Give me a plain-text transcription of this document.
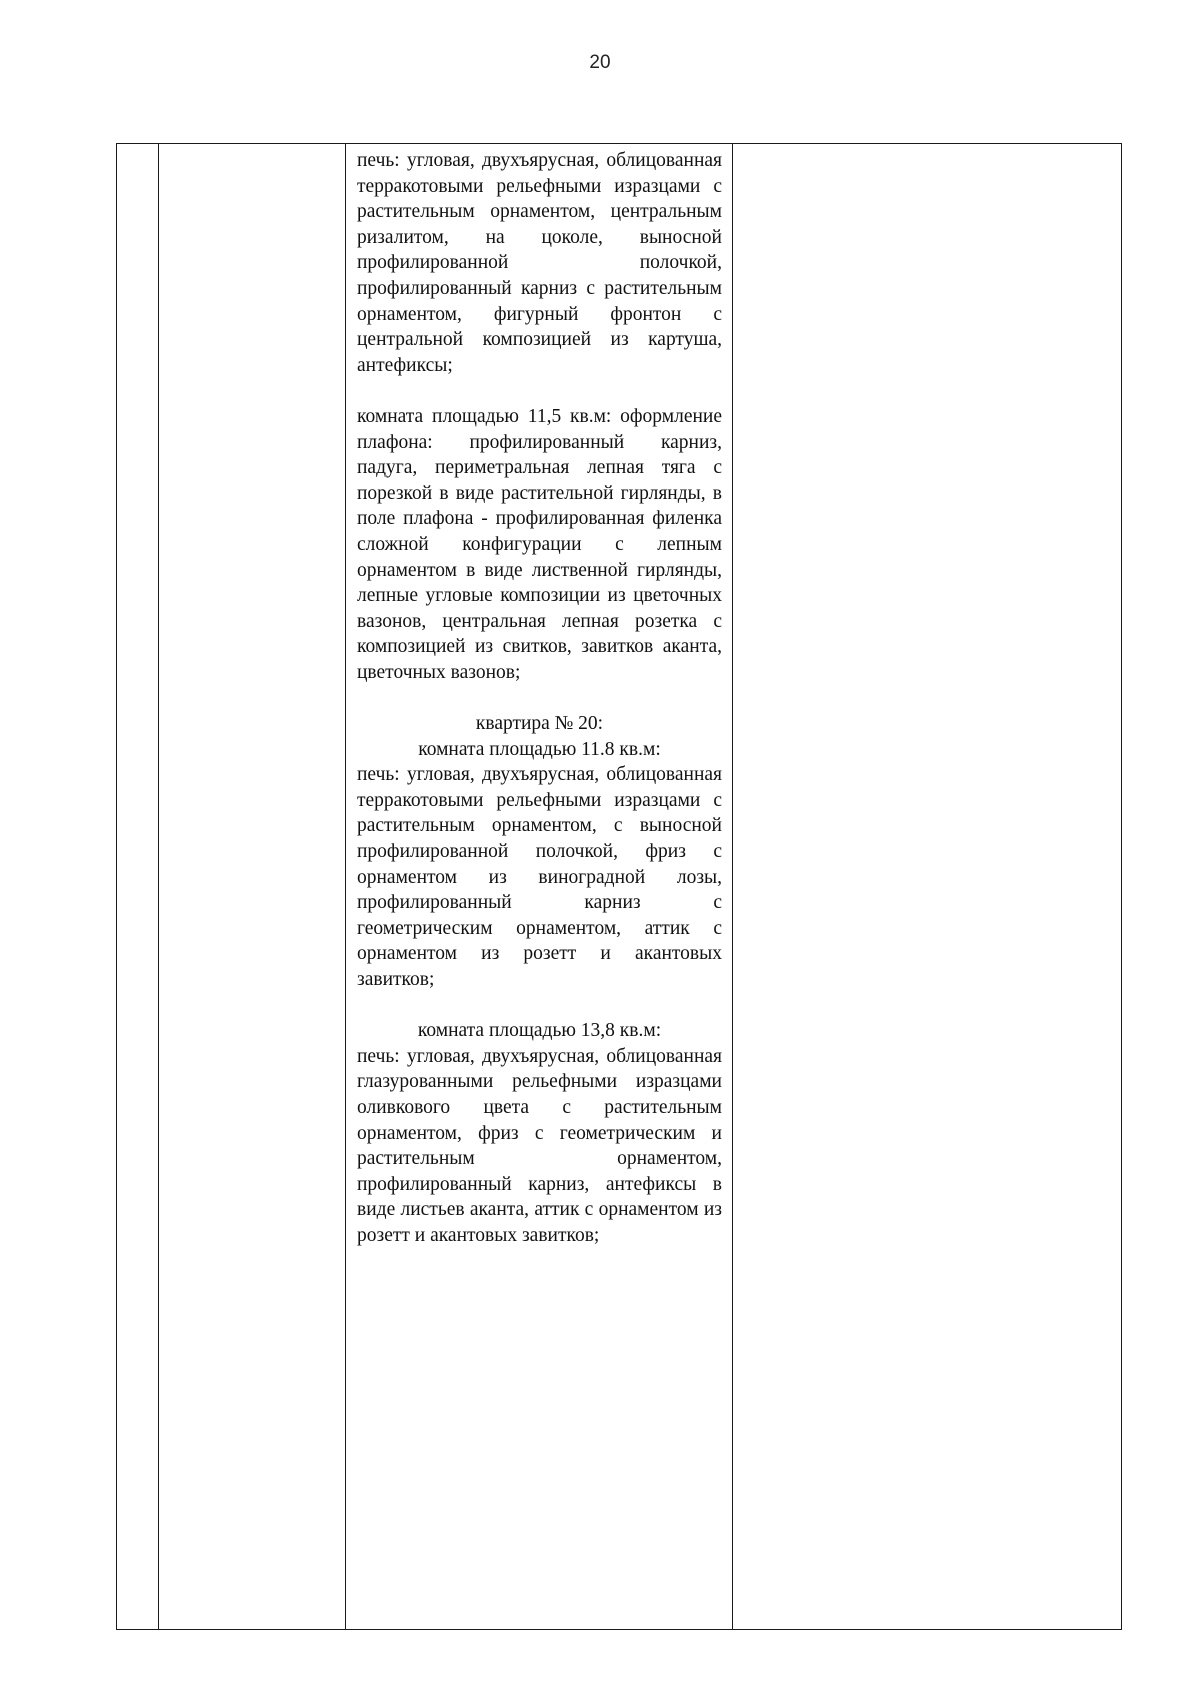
20

печь: угловая, двухъярусная, облицованная терракотовыми рельефными изразцами с растительным орнаментом, центральным ризалитом, на цоколе, выносной профилированной полочкой, профилированный карниз с растительным орнаментом, фигурный фронтон с центральной композицией из картуша, антефиксы;

комната площадью 11,5 кв.м: оформление плафона: профилированный карниз, падуга, периметральная лепная тяга с порезкой в виде растительной гирлянды, в поле плафона - профилированная филенка сложной конфигурации с лепным орнаментом в виде лиственной гирлянды, лепные угловые композиции из цветочных вазонов, центральная лепная розетка с композицией из свитков, завитков аканта, цветочных вазонов;

квартира № 20:

комната площадью 11.8 кв.м:

печь: угловая, двухъярусная, облицованная терракотовыми рельефными изразцами с растительным орнаментом, с выносной профилированной полочкой, фриз с орнаментом из виноградной лозы, профилированный карниз с геометрическим орнаментом, аттик с орнаментом из розетт и акантовых завитков;

комната площадью 13,8 кв.м:

печь: угловая, двухъярусная, облицованная глазурованными рельефными изразцами оливкового цвета с растительным орнаментом, фриз с геометрическим и растительным орнаментом, профилированный карниз, антефиксы в виде листьев аканта, аттик с орнаментом из розетт и акантовых завитков;
